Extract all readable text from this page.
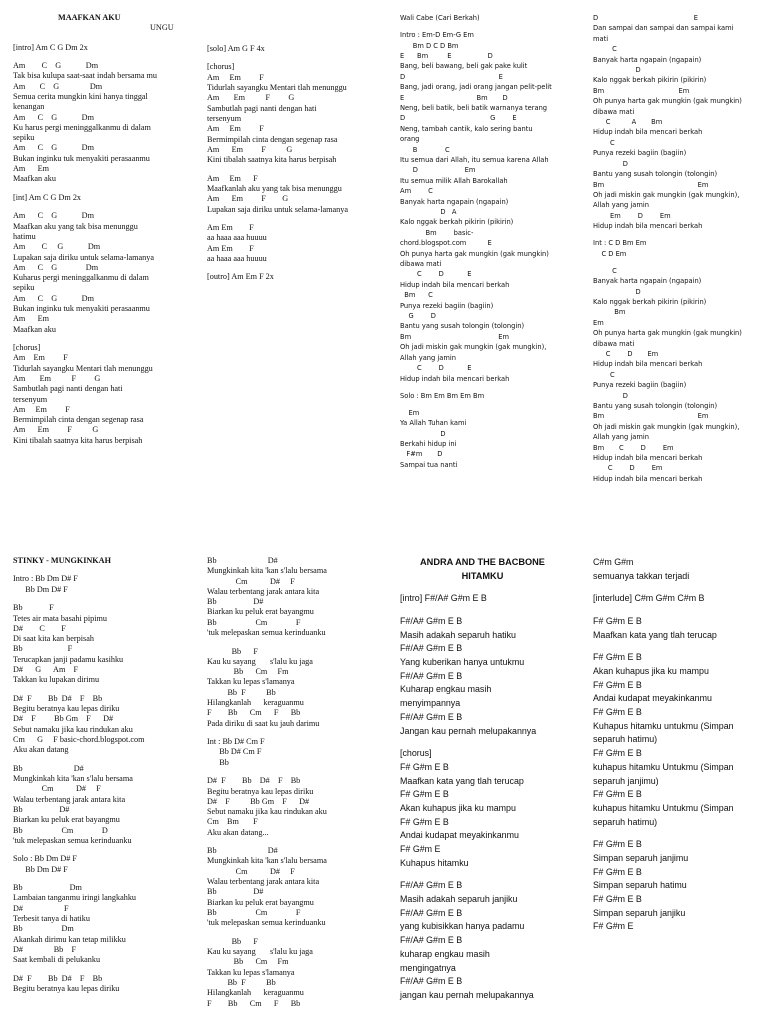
MAAFKAN AKU
UNGU
[intro] Am C G Dm 2x
Am        C    G            Dm
Tak bisa kulupa saat-saat indah bersama mu
Am       C    G               Dm
Semua cerita mungkin kini hanya tinggal
kenangan
Am      C    G            Dm
Ku harus pergi meninggalkanmu di dalam
sepiku
Am      C    G            Dm
Bukan inginku tuk menyakiti perasaanmu
Am      Em
Maafkan aku
[int] Am C G Dm 2x
Am      C    G            Dm
Maafkan aku yang tak bisa menunggu
hatimu
Am        C     G            Dm
Lupakan saja diriku untuk selama-lamanya
Am      C    G              Dm
Kuharus pergi meninggalkanmu di dalam
sepiku
Am      C    G            Dm
Bukan inginku tuk menyakiti perasaanmu
Am      Em
Maafkan aku
[chorus]
Am    Em         F
Tidurlah sayangku Mentari tlah menunggu
Am       Em          F         G
Sambutlah pagi nanti dengan hati
tersenyum
Am     Em         F
Bermimpilah cinta dengan segenap rasa
Am      Em         F          G
Kini tibalah saatnya kita harus berpisah
[solo] Am G F 4x
[chorus]
Am     Em         F
Tidurlah sayangku Mentari tlah menunggu
Am       Em          F         G
Sambutlah pagi nanti dengan hati
tersenyum
Am     Em         F
Bermimpilah cinta dengan segenap rasa
Am      Em         F          G
Kini tibalah saatnya kita harus berpisah
Am     Em      F
Maafkanlah aku yang tak bisa menunggu
Am      Em         F        G
Lupakan saja diriku untuk selama-lamanya
Am Em        F
aa haaa aaa huuuu
Am Em        F
aa haaa aaa huuuu
[outro] Am Em F 2x
Wali Cabe (Cari Berkah)
Intro : Em-D Em-G Em
Bm D C D Bm
E      Bm         E                 D
Bang, beli bawang, beli gak pake kulit
D                                            E
Bang, jadi orang, jadi orang jangan pelit-pelit
E                                  Bm       D
Neng, beli batik, beli batik warnanya terang
D                                        G        E
Neng, tambah cantik, kalo sering bantu
orang
B             C
Itu semua dari Allah, itu semua karena Allah
D                      Em
Itu semua milik Allah Barokallah
Am        C
Banyak harta ngapain (ngapain)
D   A
Kalo nggak berkah pikirin (pikirin)
Bm        basic-
chord.blogspot.com          E
Oh punya harta gak mungkin (gak mungkin)
dibawa mati
C        D           E
Hidup indah bila mencari berkah
Bm      C
Punya rezeki bagiin (bagiin)
G        D
Bantu yang susah tolongin (tolongin)
Bm                                         Em
Oh jadi miskin gak mungkin (gak mungkin),
Allah yang jamin
C        D           E
Hidup indah bila mencari berkah
Solo : Bm Em Bm Em Bm
Em
Ya Allah Tuhan kami
D
Berkahi hidup ini
F#m       D
Sampai tua nanti
D                                             E
Dan sampai dan sampai dan sampai kami
mati
C
Banyak harta ngapain (ngapain)
D
Kalo nggak berkah pikirin (pikirin)
Bm                                   Em
Oh punya harta gak mungkin (gak mungkin)
dibawa mati
C          A       Bm
Hidup indah bila mencari berkah
C
Punya rezeki bagiin (bagiin)
D
Bantu yang susah tolongin (tolongin)
Bm                                            Em
Oh jadi miskin gak mungkin (gak mungkin),
Allah yang jamin
Em        D        Em
Hidup indah bila mencari berkah
Int : C D Bm Em
C D Em
C
Banyak harta ngapain (ngapain)
D
Kalo nggak berkah pikirin (pikirin)
Bm
Em
Oh punya harta gak mungkin (gak mungkin)
dibawa mati
C        D       Em
Hidup indah bila mencari berkah
C
Punya rezeki bagiin (bagiin)
D
Bantu yang susah tolongin (tolongin)
Bm                                            Em
Oh jadi miskin gak mungkin (gak mungkin),
Allah yang jamin
Bm       C        D        Em
Hidup indah bila mencari berkah
C        D        Em
Hidup indah bila mencari berkah
STINKY - MUNGKINKAH
Intro : Bb Dm D# F
Bb Dm D# F
Bb             F
Tetes air mata basahi pipimu
D#        C        F
Di saat kita kan berpisah
Bb                      F
Terucapkan janji padamu kasihku
D#      G      Am    F
Takkan ku lupakan dirimu
D#  F        Bb  D#    F    Bb
Begitu beratnya kau lepas diriku
D#    F         Bb Gm    F      D#
Sebut namaku jika kau rindukan aku
Cm      G     F basic-chord.blogspot.com
Aku akan datang
Bb                         D#
Mungkinkah kita 'kan s'lalu bersama
Cm           D#     F
Walau terbentang jarak antara kita
Bb                  D#
Biarkan ku peluk erat bayangmu
Bb                   Cm              D
'tuk melepaskan semua kerinduanku
Solo : Bb Dm D# F
Bb Dm D# F
Bb                       Dm
Lambaian tanganmu iringi langkahku
D#                    F
Terbesit tanya di hatiku
Bb                   Dm
Akankah dirimu kan tetap milikku
D#               Bb    F
Saat kembali di pelukanku
D#  F        Bb  D#    F    Bb
Begitu beratnya kau lepas diriku
Bb                         D#
Mungkinkah kita 'kan s'lalu bersama
Cm           D#     F
Walau terbentang jarak antara kita
Bb                  D#
Biarkan ku peluk erat bayangmu
Bb                   Cm              F
'tuk melepaskan semua kerinduanku
Bb      F
Kau ku sayang       s'lalu ku jaga
Bb      Cm     Fm
Takkan ku lepas s'lamanya
Bb  F          Bb
Hilangkanlah      keraguanmu
F        Bb      Cm      F      Bb
Pada diriku di saat ku jauh darimu
Int : Bb D# Cm F
Bb D# Cm F
Bb
D#  F        Bb    D#    F    Bb
Begitu beratnya kau lepas diriku
D#    F          Bb Gm    F      D#
Sebut namaku jika kau rindukan aku
Cm    Bm       F
Aku akan datang...
Bb                         D#
Mungkinkah kita 'kan s'lalu bersama
Cm           D#     F
Walau terbentang jarak antara kita
Bb                  D#
Biarkan ku peluk erat bayangmu
Bb                   Cm              F
'tuk melepaskan semua kerinduanku
Bb      F
Kau ku sayang       s'lalu ku jaga
Bb      Cm     Fm
Takkan ku lepas s'lamanya
Bb  F          Bb
Hilangkanlah      keraguanmu
F        Bb      Cm      F      Bb
ANDRA AND THE BACBONE
HITAMKU
[intro] F#/A# G#m E B
F#/A# G#m E B
Masih adakah separuh hatiku
F#/A# G#m E B
Yang kuberikan hanya untukmu
F#/A# G#m E B
Kuharap engkau masih
menyimpannya
F#/A# G#m E B
Jangan kau pernah melupakannya
[chorus]
F# G#m E B
Maafkan kata yang tlah terucap
F# G#m E B
Akan kuhapus jika ku mampu
F# G#m E B
Andai kudapat meyakinkanmu
F# G#m E
Kuhapus hitamku
F#/A# G#m E B
Masih adakah separuh janjiku
F#/A# G#m E B
yang kubisikkan hanya padamu
F#/A# G#m E B
kuharap engkau masih
mengingatnya
F#/A# G#m E B
jangan kau pernah melupakannya
C#m G#m
semuanya takkan terjadi
[interlude] C#m G#m C#m B
F# G#m E B
Maafkan kata yang tlah terucap
F# G#m E B
Akan kuhapus jika ku mampu
F# G#m E B
Andai kudapat meyakinkanmu
F# G#m E B
Kuhapus hitamku untukmu (Simpan
separuh hatimu)
F# G#m E B
kuhapus hitamku Untukmu (Simpan
separuh janjimu)
F# G#m E B
kuhapus hitamku Untukmu (Simpan
separuh hatimu)
F# G#m E B
Simpan separuh janjimu
F# G#m E B
Simpan separuh hatimu
F# G#m E B
Simpan separuh janjiku
F# G#m E
